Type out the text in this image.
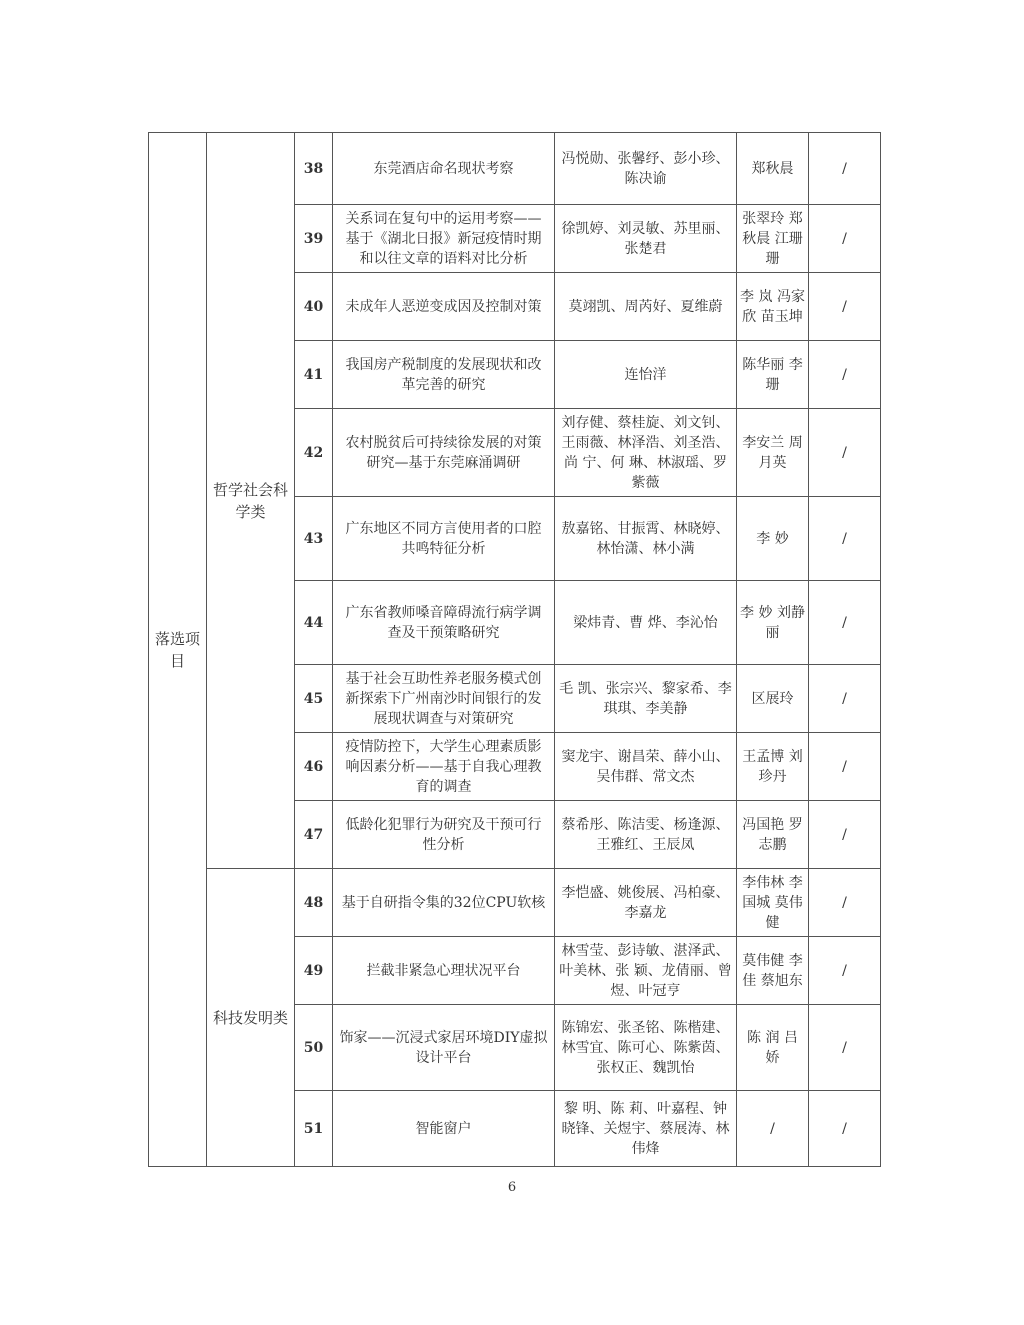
落选项目	哲学社会科学类	38	东莞酒店命名现状考察	冯悦勋、张馨纾、彭小珍、陈决谕	郑秋晨	/
		39	关系词在复句中的运用考察——基于《湖北日报》新冠疫情时期和以往文章的语料对比分析	徐凯婷、刘灵敏、苏里丽、张楚君	张翠玲 郑秋晨 江珊珊	/
		40	未成年人恶逆变成因及控制对策	莫翊凯、周芮好、夏维蔚	李 岚 冯家欣 苗玉坤	/
		41	我国房产税制度的发展现状和改革完善的研究	连怡洋	陈华丽 李 珊	/
		42	农村脱贫后可持续徐发展的对策研究—基于东莞麻涌调研	刘存健、蔡桂旋、刘文钊、王雨薇、林泽浩、刘圣浩、尚 宁、何 琳、林淑瑶、罗紫薇	李安兰 周月英	/
		43	广东地区不同方言使用者的口腔共鸣特征分析	敖嘉铭、甘振霄、林晓婷、林怡潇、林小满	李 妙	/
		44	广东省教师嗓音障碍流行病学调查及干预策略研究	梁炜青、曹 烨、李沁怡	李 妙 刘静丽	/
		45	基于社会互助性养老服务模式创新探索下广州南沙时间银行的发展现状调查与对策研究	毛 凯、张宗兴、黎家希、李琪琪、李美静	区展玲	/
		46	疫情防控下，大学生心理素质影响因素分析——基于自我心理教育的调查	窦龙宇、谢昌荣、薛小山、吴伟群、常文杰	王孟博 刘珍丹	/
		47	低龄化犯罪行为研究及干预可行性分析	蔡希彤、陈洁雯、杨逢源、王雅红、王辰凤	冯国艳 罗志鹏	/
	科技发明类	48	基于自研指令集的32位CPU软核	李恺盛、姚俊展、冯柏豪、李嘉龙	李伟林 李国城 莫伟健	/
		49	拦截非紧急心理状况平台	林雪莹、彭诗敏、湛泽武、叶美林、张 颖、龙倩丽、曾 煜、叶冠亨	莫伟健 李 佳 蔡旭东	/
		50	饰家——沉浸式家居环境DIY虚拟设计平台	陈锦宏、张圣铭、陈楷建、林雪宜、陈可心、陈紫茵、张权正、魏凯怡	陈 润 吕 娇	/
		51	智能窗户	黎 明、陈 莉、叶嘉程、钟晓锋、关煜宇、蔡展涛、林伟烽	/	/
6
